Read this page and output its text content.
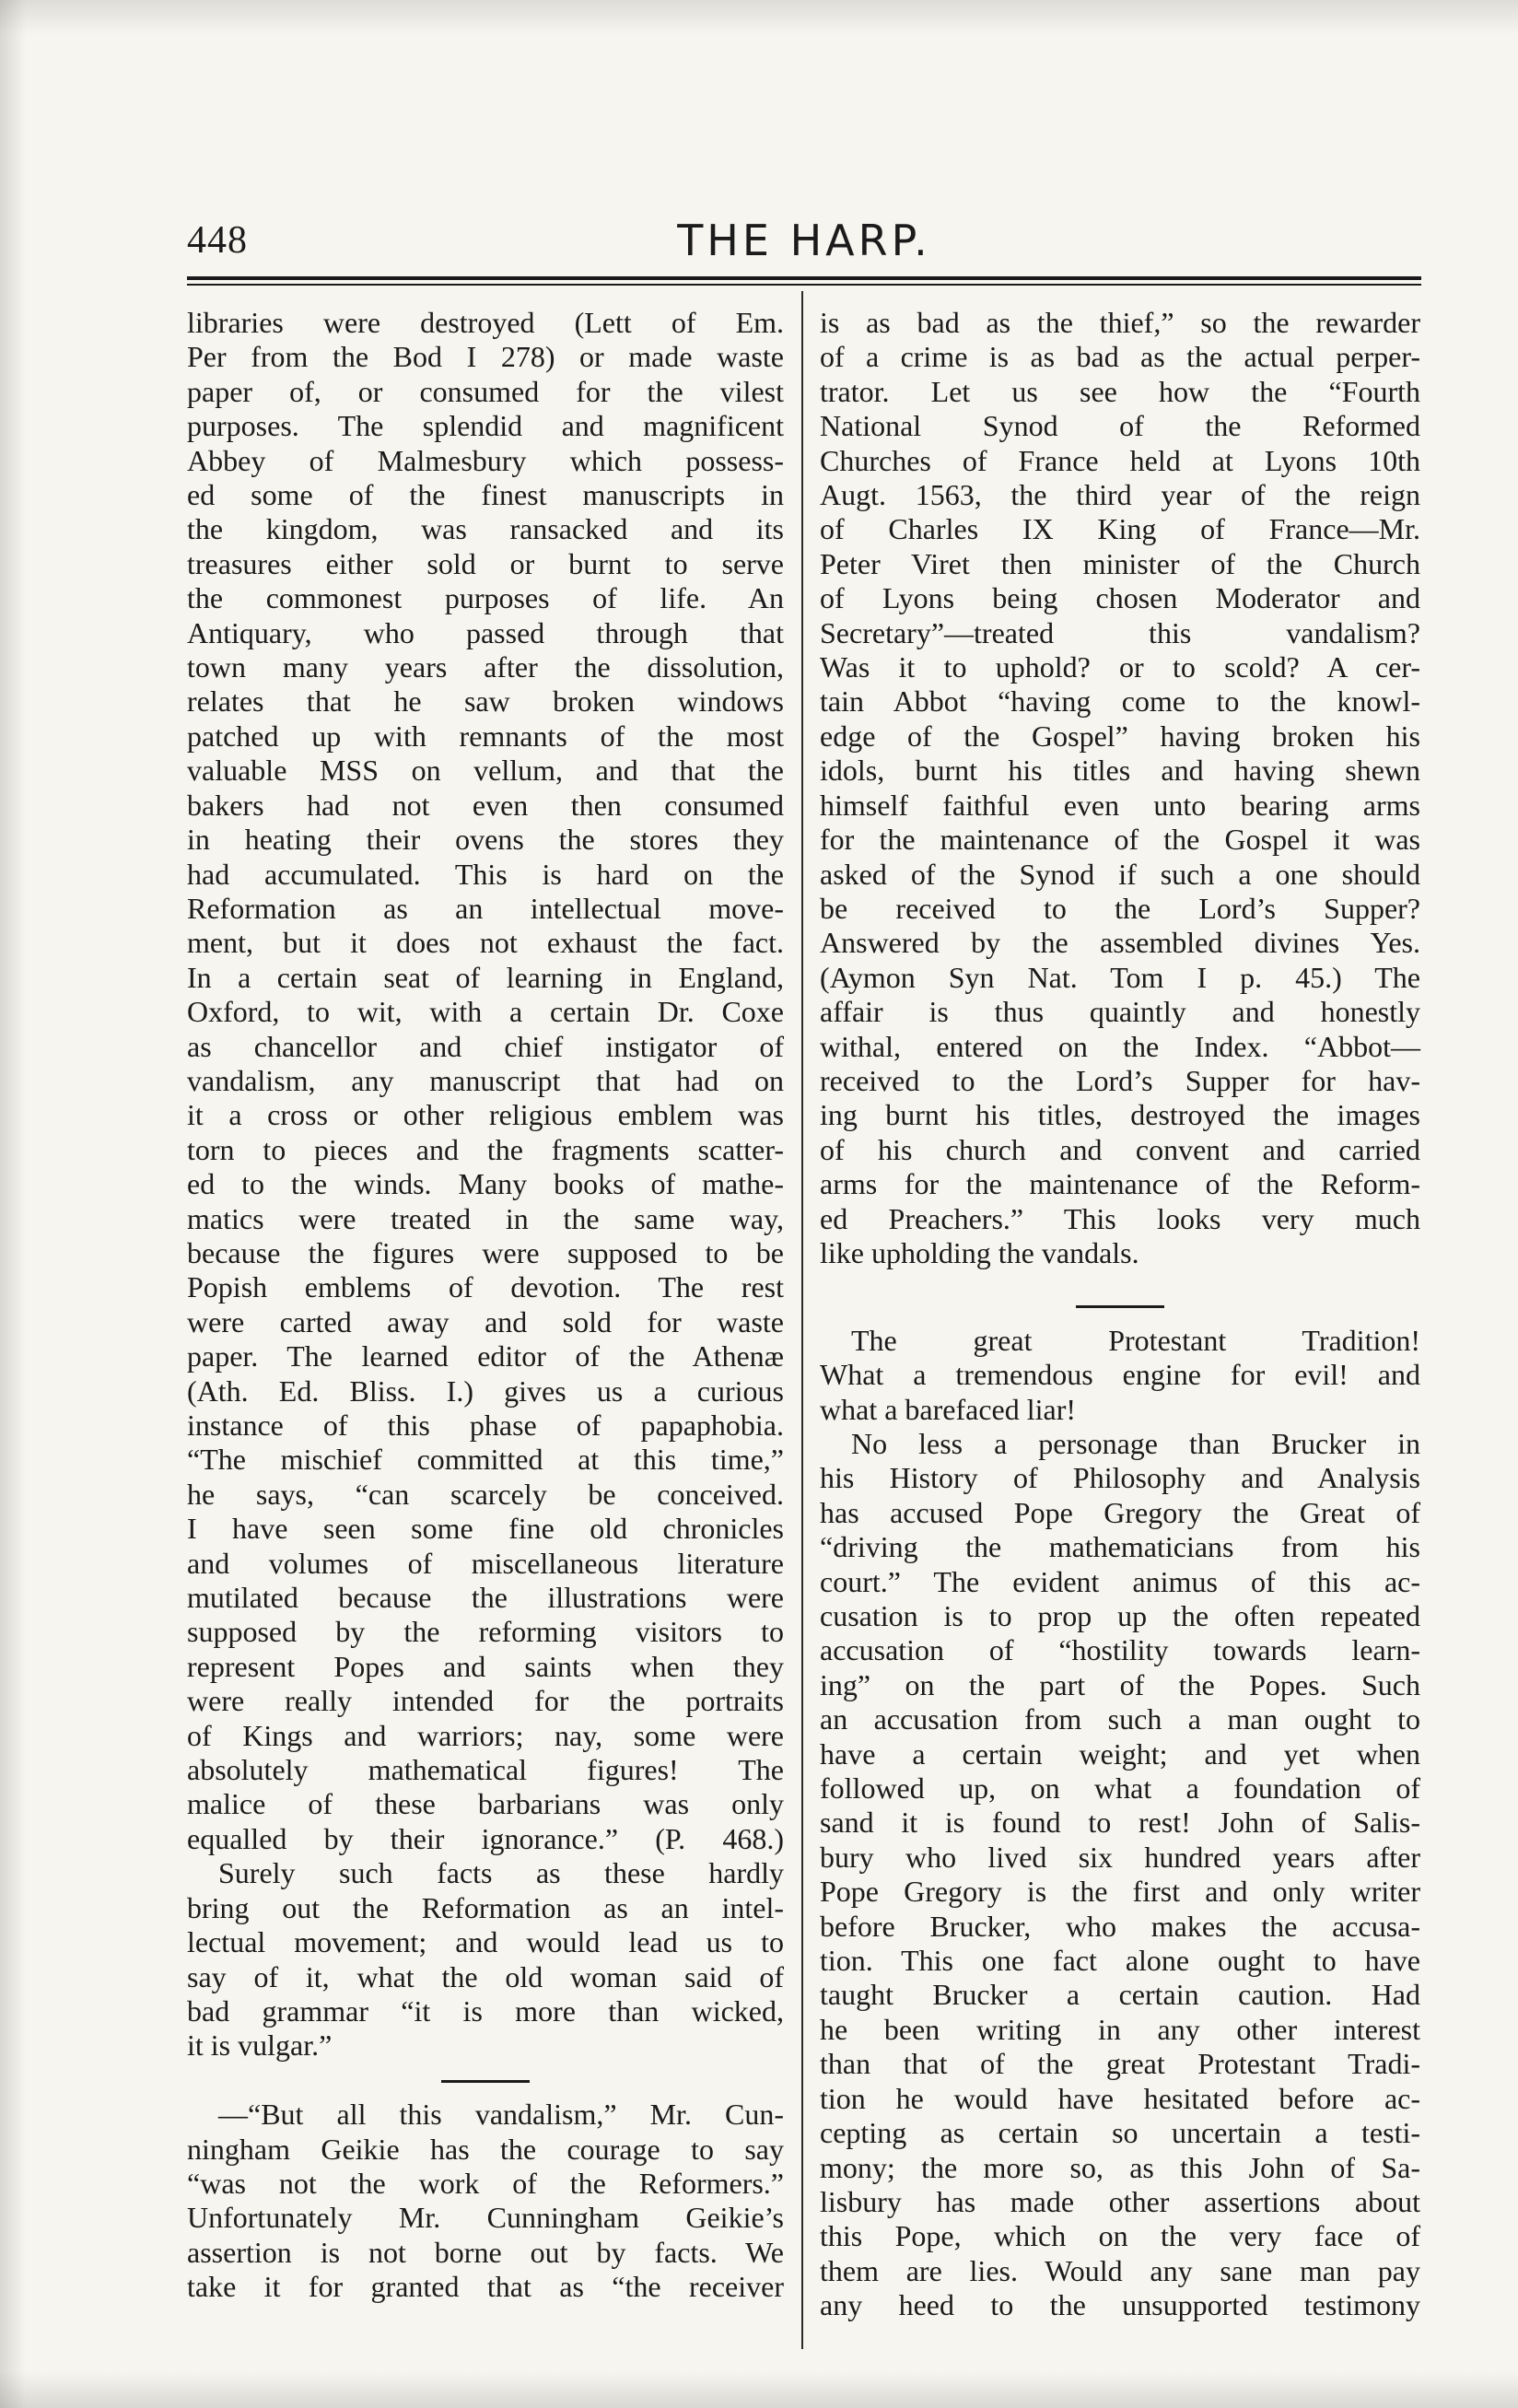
448	THE HARP.
libraries were destroyed (Lett of Em.
Per from the Bod I 278) or made waste
paper of, or consumed for the vilest
purposes. The splendid and magnificent
Abbey of Malmesbury which possess-
ed some of the finest manuscripts in
the kingdom, was ransacked and its
treasures either sold or burnt to serve
the commonest purposes of life. An
Antiquary, who passed through that
town many years after the dissolution,
relates that he saw broken windows
patched up with remnants of the most
valuable MSS on vellum, and that the
bakers had not even then consumed
in heating their ovens the stores they
had accumulated. This is hard on the
Reformation as an intellectual move-
ment, but it does not exhaust the fact.
In a certain seat of learning in England,
Oxford, to wit, with a certain Dr. Coxe
as chancellor and chief instigator of
vandalism, any manuscript that had on
it a cross or other religious emblem was
torn to pieces and the fragments scatter-
ed to the winds. Many books of mathe-
matics were treated in the same way,
because the figures were supposed to be
Popish emblems of devotion. The rest
were carted away and sold for waste
paper. The learned editor of the Athenæ
(Ath. Ed. Bliss. I.) gives us a curious
instance of this phase of papaphobia.
“The mischief committed at this time,”
he says, “can scarcely be conceived.
I have seen some fine old chronicles
and volumes of miscellaneous literature
mutilated because the illustrations were
supposed by the reforming visitors to
represent Popes and saints when they
were really intended for the portraits
of Kings and warriors; nay, some were
absolutely mathematical figures! The
malice of these barbarians was only
equalled by their ignorance.” (P. 468.)
Surely such facts as these hardly
bring out the Reformation as an intel-
lectual movement; and would lead us to
say of it, what the old woman said of
bad grammar “it is more than wicked,
it is vulgar.”
—“But all this vandalism,” Mr. Cun-
ningham Geikie has the courage to say
“was not the work of the Reformers.”
Unfortunately Mr. Cunningham Geikie’s
assertion is not borne out by facts. We
take it for granted that as “the receiver
is as bad as the thief,” so the rewarder
of a crime is as bad as the actual perper-
trator. Let us see how the “Fourth
National Synod of the Reformed
Churches of France held at Lyons 10th
Augt. 1563, the third year of the reign
of Charles IX King of France—Mr.
Peter Viret then minister of the Church
of Lyons being chosen Moderator and
Secretary”—treated this vandalism?
Was it to uphold? or to scold? A cer-
tain Abbot “having come to the knowl-
edge of the Gospel” having broken his
idols, burnt his titles and having shewn
himself faithful even unto bearing arms
for the maintenance of the Gospel it was
asked of the Synod if such a one should
be received to the Lord’s Supper?
Answered by the assembled divines Yes.
(Aymon Syn Nat. Tom I p. 45.) The
affair is thus quaintly and honestly
withal, entered on the Index. “Abbot—
received to the Lord’s Supper for hav-
ing burnt his titles, destroyed the images
of his church and convent and carried
arms for the maintenance of the Reform-
ed Preachers.” This looks very much
like upholding the vandals.
The great Protestant Tradition!
What a tremendous engine for evil! and
what a barefaced liar!
No less a personage than Brucker in
his History of Philosophy and Analysis
has accused Pope Gregory the Great of
“driving the mathematicians from his
court.” The evident animus of this ac-
cusation is to prop up the often repeated
accusation of “hostility towards learn-
ing” on the part of the Popes. Such
an accusation from such a man ought to
have a certain weight; and yet when
followed up, on what a foundation of
sand it is found to rest! John of Salis-
bury who lived six hundred years after
Pope Gregory is the first and only writer
before Brucker, who makes the accusa-
tion. This one fact alone ought to have
taught Brucker a certain caution. Had
he been writing in any other interest
than that of the great Protestant Tradi-
tion he would have hesitated before ac-
cepting as certain so uncertain a testi-
mony; the more so, as this John of Sa-
lisbury has made other assertions about
this Pope, which on the very face of
them are lies. Would any sane man pay
any heed to the unsupported testimony
